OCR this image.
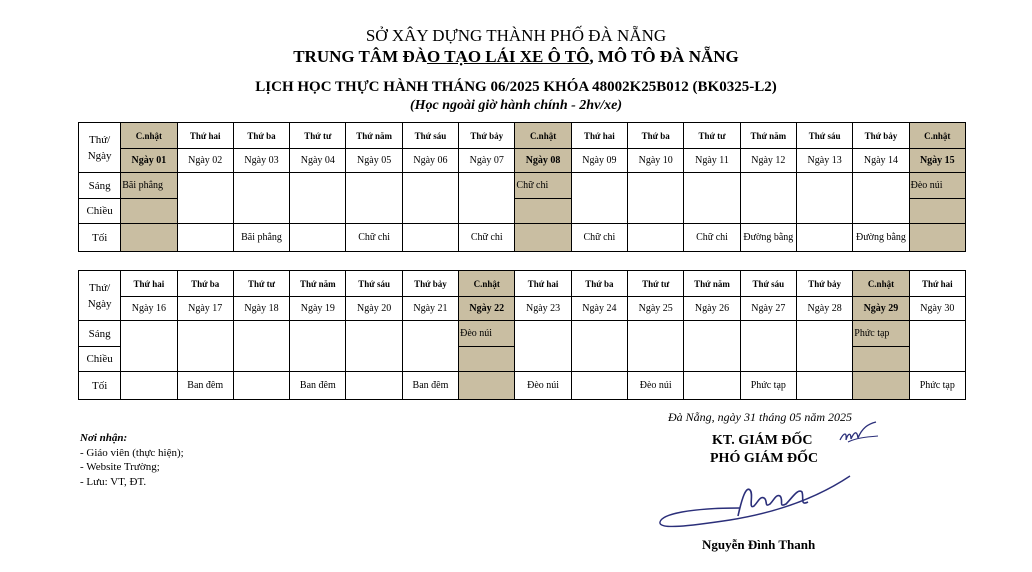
SỞ XÂY DỰNG THÀNH PHỐ ĐÀ NẴNG
TRUNG TÂM ĐÀO TẠO LÁI XE Ô TÔ, MÔ TÔ ĐÀ NẴNG
LỊCH HỌC THỰC HÀNH THÁNG 06/2025 KHÓA 48002K25B012 (BK0325-L2)
(Học ngoài giờ hành chính - 2hv/xe)
Thứ/
Ngày	C.nhật	Thứ hai	Thứ ba	Thứ tư	Thứ năm	Thứ sáu	Thứ bảy	C.nhật	Thứ hai	Thứ ba	Thứ tư	Thứ năm	Thứ sáu	Thứ bảy	C.nhật
	Ngày 01	Ngày 02	Ngày 03	Ngày 04	Ngày 05	Ngày 06	Ngày 07	Ngày 08	Ngày 09	Ngày 10	Ngày 11	Ngày 12	Ngày 13	Ngày 14	Ngày 15
Sáng	Bãi phẳng							Chữ chi							Đèo núi
Chiều															
Tối			Bãi phẳng		Chữ chi		Chữ chi		Chữ chi		Chữ chi	Đường bằng		Đường bằng	
Thứ/
Ngày	Thứ hai	Thứ ba	Thứ tư	Thứ năm	Thứ sáu	Thứ bảy	C.nhật	Thứ hai	Thứ ba	Thứ tư	Thứ năm	Thứ sáu	Thứ bảy	C.nhật	Thứ hai
	Ngày 16	Ngày 17	Ngày 18	Ngày 19	Ngày 20	Ngày 21	Ngày 22	Ngày 23	Ngày 24	Ngày 25	Ngày 26	Ngày 27	Ngày 28	Ngày 29	Ngày 30
Sáng							Đèo núi							Phức tạp	
Chiều															
Tối		Ban đêm		Ban đêm		Ban đêm		Đèo núi		Đèo núi		Phức tạp			Phức tạp
Đà Nẵng, ngày 31 tháng 05 năm 2025
KT. GIÁM ĐỐC
PHÓ GIÁM ĐỐC
Nguyễn Đình Thanh
Nơi nhận:
- Giáo viên (thực hiện);
- Website Trường;
- Lưu: VT, ĐT.
